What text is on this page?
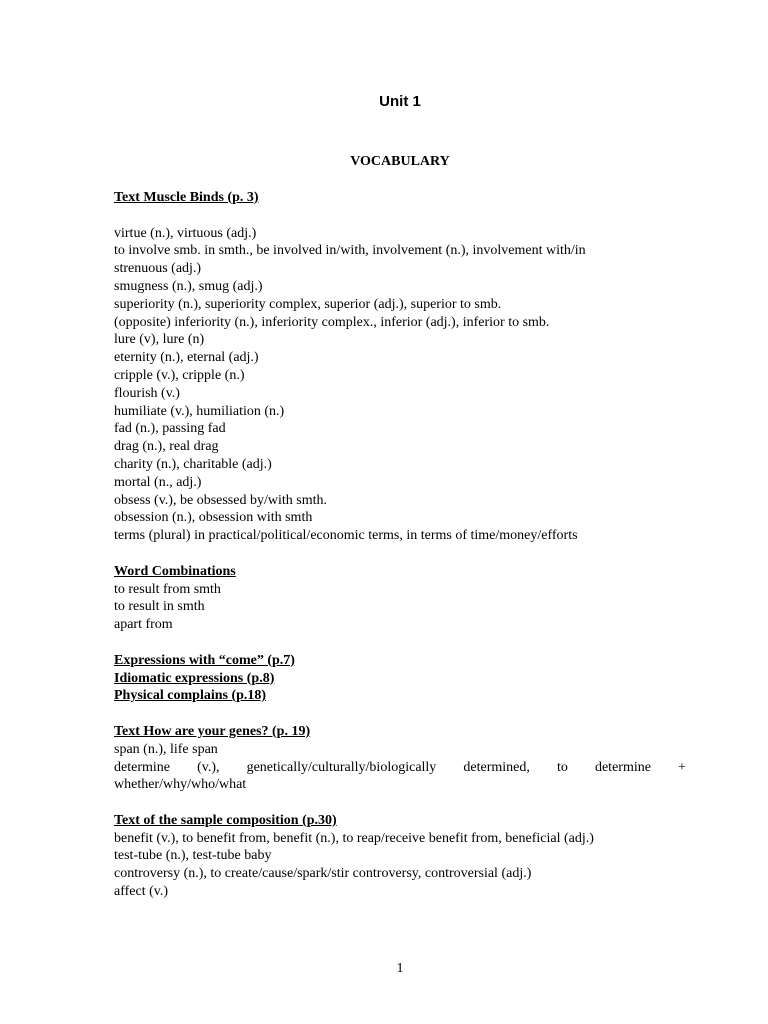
Unit 1
VOCABULARY
Text Muscle Binds (p. 3)
virtue (n.), virtuous (adj.)
to involve smb. in smth., be involved in/with, involvement (n.), involvement with/in
strenuous (adj.)
smugness (n.), smug (adj.)
superiority (n.), superiority complex, superior (adj.), superior to smb.
(opposite) inferiority (n.), inferiority complex., inferior (adj.), inferior to smb.
lure (v), lure (n)
eternity (n.), eternal (adj.)
cripple (v.), cripple (n.)
flourish (v.)
humiliate (v.), humiliation (n.)
fad (n.), passing fad
drag (n.), real drag
charity (n.), charitable (adj.)
mortal (n., adj.)
obsess (v.), be obsessed by/with smth.
obsession (n.), obsession with smth
terms (plural) in practical/political/economic terms, in terms of time/money/efforts
Word Combinations
to result from smth
to result in smth
apart from
Expressions with “come” (p.7)
Idiomatic expressions (p.8)
Physical complains (p.18)
Text How are your genes? (p. 19)
span (n.), life span
determine (v.), genetically/culturally/biologically determined, to determine +
whether/why/who/what
Text of the sample composition (p.30)
benefit (v.), to benefit from, benefit (n.), to reap/receive benefit from, beneficial (adj.)
test-tube (n.), test-tube baby
controversy (n.), to create/cause/spark/stir controversy, controversial (adj.)
affect (v.)
1
